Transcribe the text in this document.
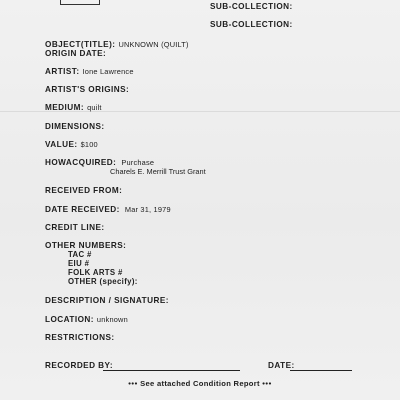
SUB-COLLECTION:
SUB-COLLECTION:
OBJECT(TITLE): UNKNOWN (QUILT)
ORIGIN DATE:
ARTIST: Ione Lawrence
ARTIST'S ORIGINS:
MEDIUM: quilt
DIMENSIONS:
VALUE: $100
HOWACQUIRED: Purchase
Charels E. Merrill Trust Grant
RECEIVED FROM:
DATE RECEIVED: Mar 31, 1979
CREDIT LINE:
OTHER NUMBERS:
TAC #
EIU #
FOLK ARTS #
OTHER (specify):
DESCRIPTION / SIGNATURE:
LOCATION: unknown
RESTRICTIONS:
RECORDED BY:	DATE:
••• See attached Condition Report •••
